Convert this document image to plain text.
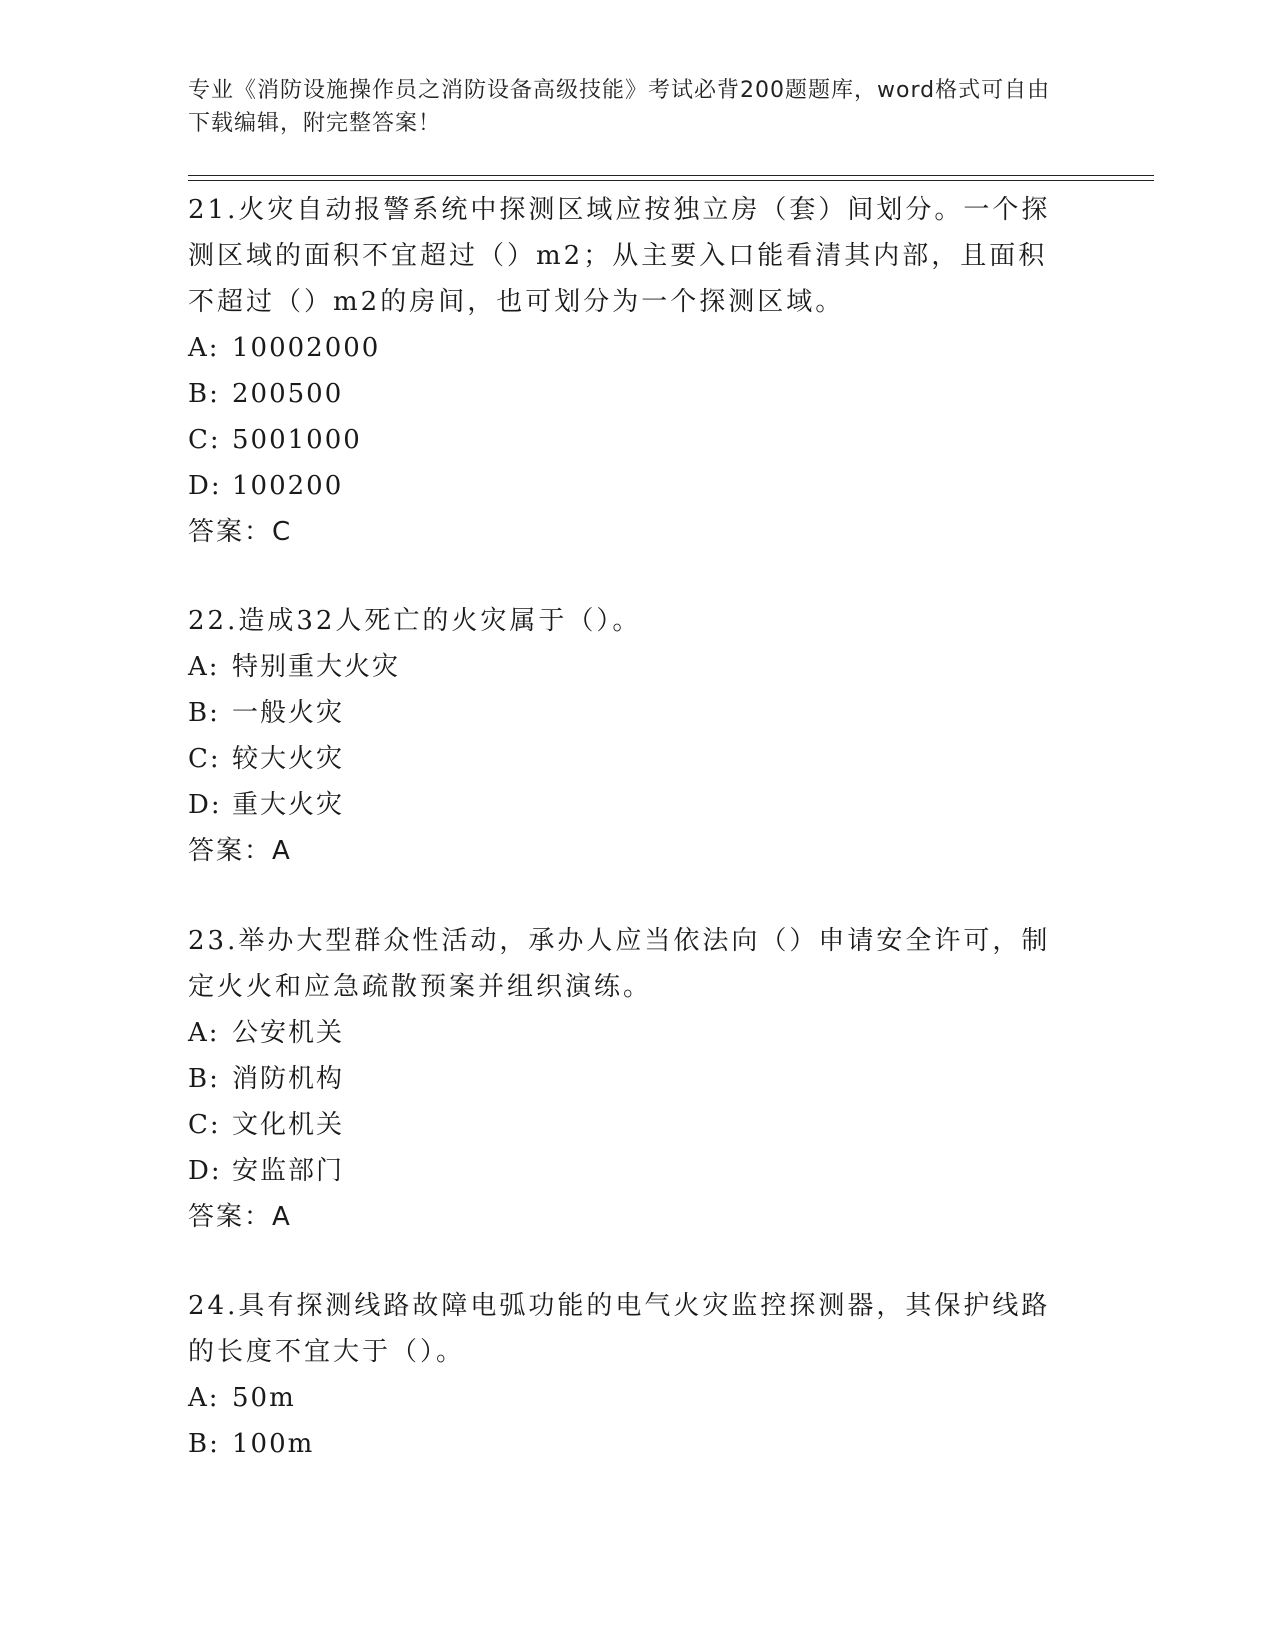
专业《消防设施操作员之消防设备高级技能》考试必背200题题库，word格式可自由下载编辑，附完整答案！

21.火灾自动报警系统中探测区域应按独立房（套）间划分。一个探测区域的面积不宜超过（）m2；从主要入口能看清其内部，且面积不超过（）m2的房间，也可划分为一个探测区域。

A: 10002000
B: 200500
C: 5001000
D: 100200
答案：C

22.造成32人死亡的火灾属于（）。

A: 特别重大火灾
B: 一般火灾
C: 较大火灾
D: 重大火灾
答案：A

23.举办大型群众性活动，承办人应当依法向（）申请安全许可，制定火火和应急疏散预案并组织演练。

A: 公安机关
B: 消防机构
C: 文化机关
D: 安监部门
答案：A

24.具有探测线路故障电弧功能的电气火灾监控探测器，其保护线路的长度不宜大于（）。

A: 50m
B: 100m
